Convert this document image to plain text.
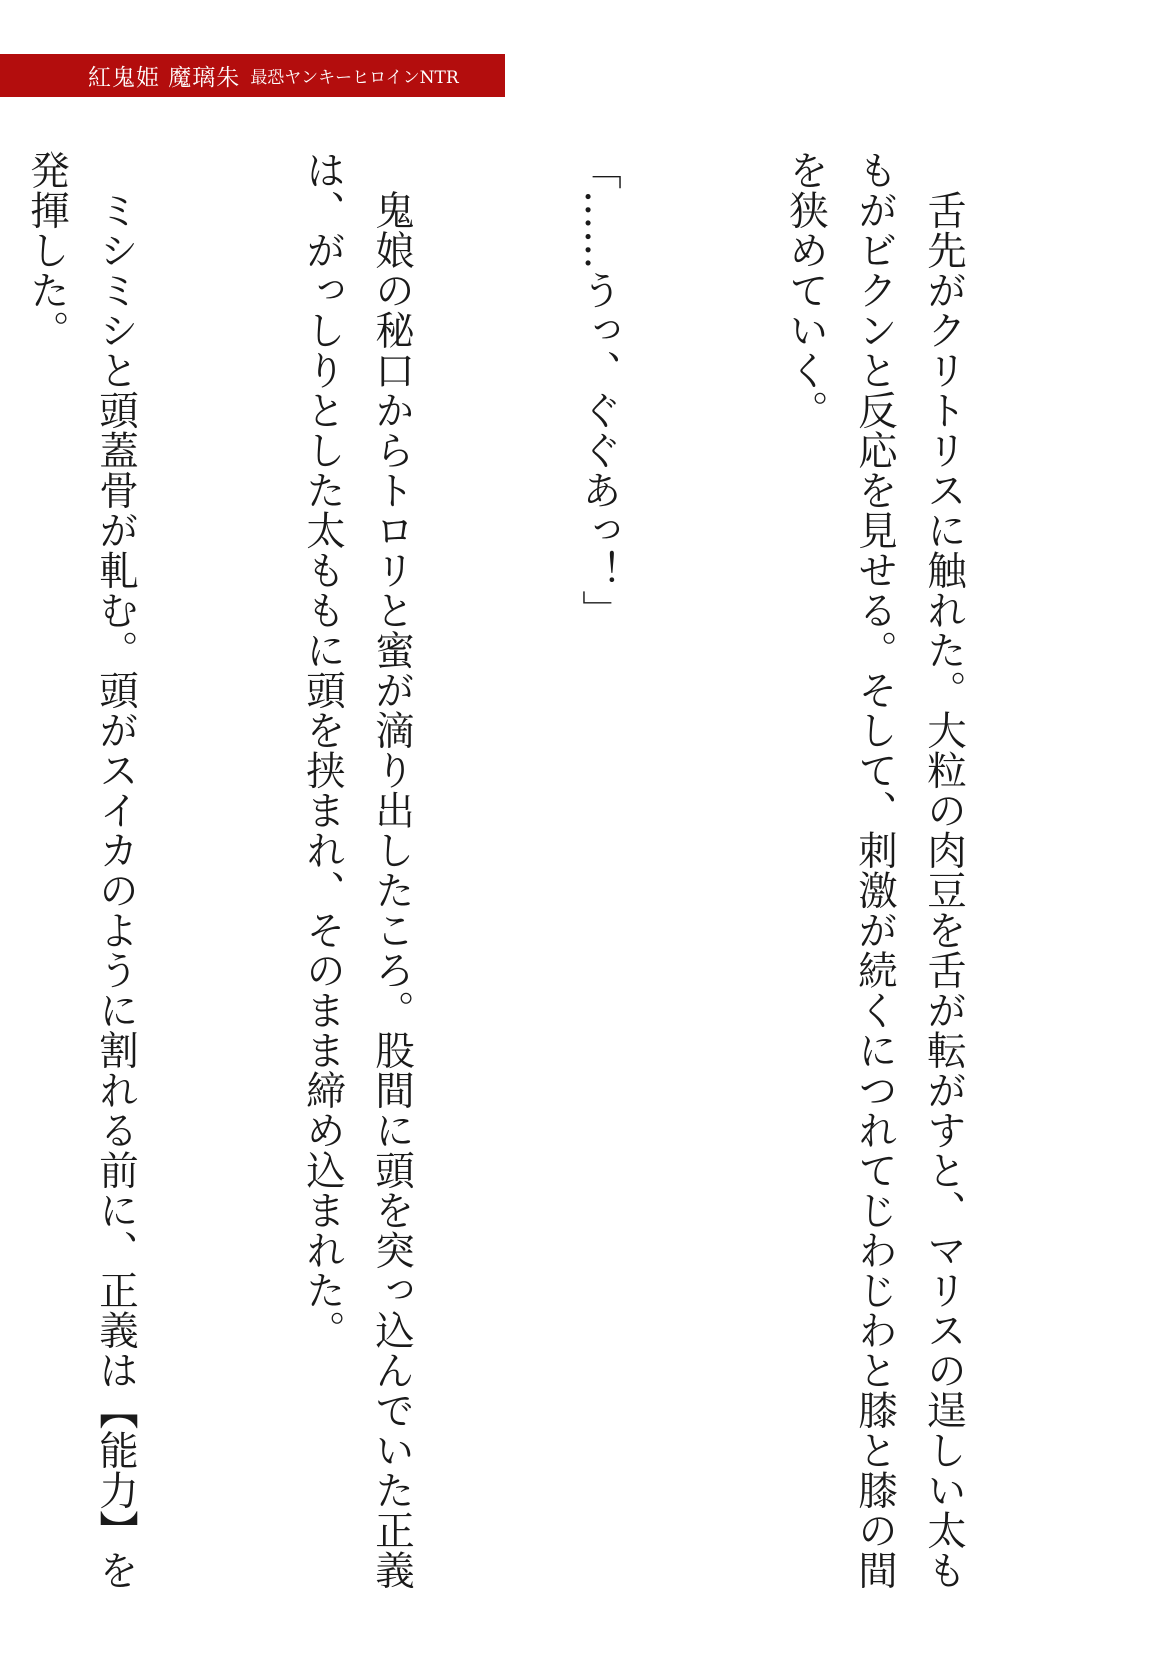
紅鬼姫 魔璃朱 最恐ヤンキーヒロインNTR

　舌先がクリトリスに触れた。大粒の肉豆を舌が転がすと、マリスの逞しい太も
もがビクンと反応を見せる。そして、刺激が続くにつれてじわじわと膝と膝の間
を狭めていく。

「……うっ、ぐぐあっ！」

　鬼娘の秘口からトロリと蜜が滴り出したころ。股間に頭を突っ込んでいた正義
は、がっしりとした太ももに頭を挟まれ、そのまま締め込まれた。

　ミシミシと頭蓋骨が軋む。頭がスイカのように割れる前に、正義は【能力】を
発揮した。
